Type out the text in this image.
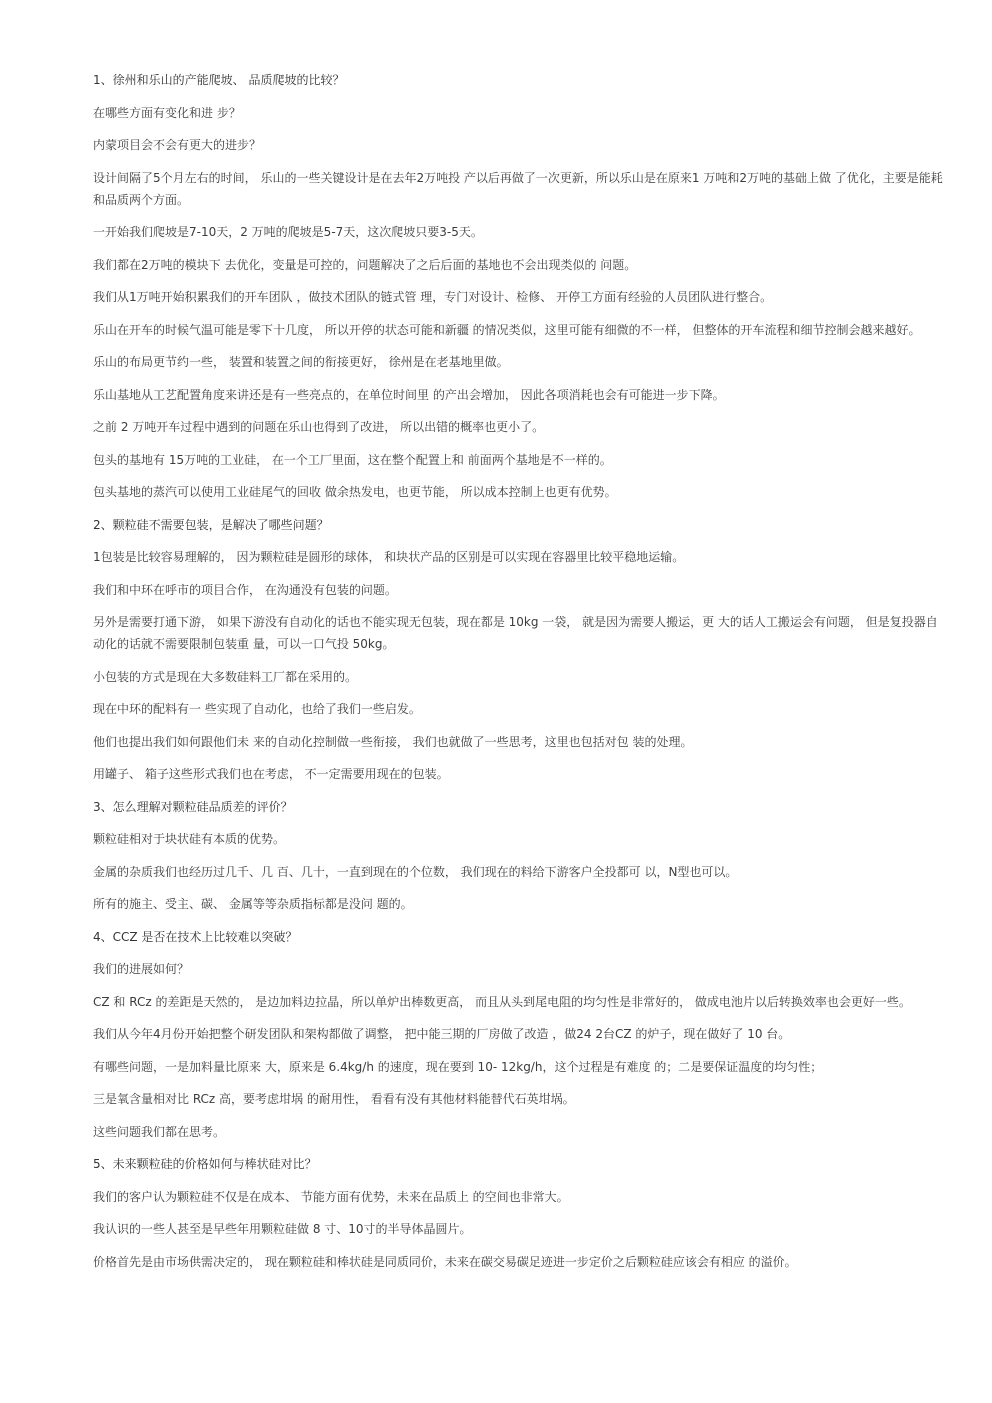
1、徐州和乐山的产能爬坡、 品质爬坡的比较？

在哪些方面有变化和进 步？

内蒙项目会不会有更大的进步？

设计间隔了5个月左右的时间， 乐山的一些关键设计是在去年2万吨投 产以后再做了一次更新，所以乐山是在原来1 万吨和2万吨的基础上做 了优化，主要是能耗和品质两个方面。

一开始我们爬坡是7-10天，2 万吨的爬坡是5-7天，这次爬坡只要3-5天。

我们都在2万吨的模块下 去优化，变量是可控的，问题解决了之后后面的基地也不会出现类似的 问题。

我们从1万吨开始积累我们的开车团队 ，做技术团队的链式管 理，专门对设计、检修、 开停工方面有经验的人员团队进行整合。

乐山在开车的时候气温可能是零下十几度， 所以开停的状态可能和新疆 的情况类似，这里可能有细微的不一样， 但整体的开车流程和细节控制会越来越好。

乐山的布局更节约一些， 装置和装置之间的衔接更好， 徐州是在老基地里做。

乐山基地从工艺配置角度来讲还是有一些亮点的，在单位时间里 的产出会增加， 因此各项消耗也会有可能进一步下降。

之前 2 万吨开车过程中遇到的问题在乐山也得到了改进， 所以出错的概率也更小了。

包头的基地有 15万吨的工业硅， 在一个工厂里面，这在整个配置上和 前面两个基地是不一样的。

包头基地的蒸汽可以使用工业硅尾气的回收 做余热发电，也更节能， 所以成本控制上也更有优势。

2、颗粒硅不需要包装，是解决了哪些问题？

1包装是比较容易理解的， 因为颗粒硅是圆形的球体， 和块状产品的区别是可以实现在容器里比较平稳地运输。

我们和中环在呼市的项目合作， 在沟通没有包装的问题。

另外是需要打通下游， 如果下游没有自动化的话也不能实现无包装，现在都是 10kg 一袋， 就是因为需要人搬运，更 大的话人工搬运会有问题， 但是复投器自动化的话就不需要限制包装重 量，可以一口气投 50kg。

小包装的方式是现在大多数硅料工厂都在采用的。

现在中环的配料有一 些实现了自动化，也给了我们一些启发。

他们也提出我们如何跟他们未 来的自动化控制做一些衔接， 我们也就做了一些思考，这里也包括对包 装的处理。

用罐子、 箱子这些形式我们也在考虑， 不一定需要用现在的包装。

3、怎么理解对颗粒硅品质差的评价？

颗粒硅相对于块状硅有本质的优势。

金属的杂质我们也经历过几千、几 百、几十，一直到现在的个位数， 我们现在的料给下游客户全投都可 以，N型也可以。

所有的施主、受主、碳、 金属等等杂质指标都是没问 题的。

4、CCZ 是否在技术上比较难以突破？

我们的进展如何？

CZ 和 RCz 的差距是天然的， 是边加料边拉晶，所以单炉出棒数更高， 而且从头到尾电阻的均匀性是非常好的， 做成电池片以后转换效率也会更好一些。

我们从今年4月份开始把整个研发团队和架构都做了调整， 把中能三期的厂房做了改造 ，做24 2台CZ 的炉子，现在做好了 10 台。

有哪些问题，一是加料量比原来 大，原来是 6.4kg/h 的速度，现在要到 10- 12kg/h，这个过程是有难度 的；二是要保证温度的均匀性；

三是氧含量相对比 RCz 高，要考虑坩埚 的耐用性， 看看有没有其他材料能替代石英坩埚。

这些问题我们都在思考。

5、未来颗粒硅的价格如何与棒状硅对比？

我们的客户认为颗粒硅不仅是在成本、 节能方面有优势，未来在品质上 的空间也非常大。

我认识的一些人甚至是早些年用颗粒硅做 8 寸、10寸的半导体晶圆片。

价格首先是由市场供需决定的， 现在颗粒硅和棒状硅是同质同价，未来在碳交易碳足迹进一步定价之后颗粒硅应该会有相应 的溢价。
